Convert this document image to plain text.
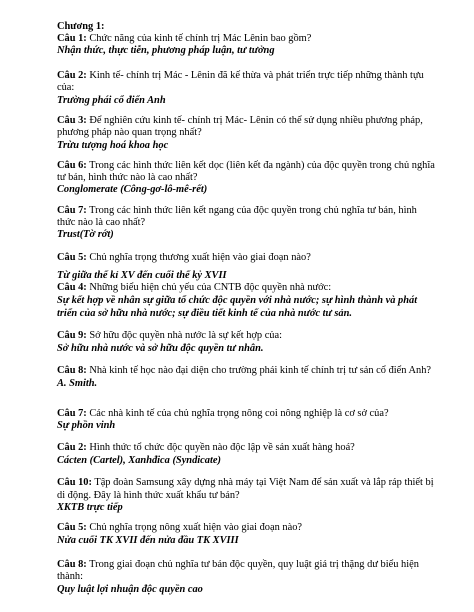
Chương 1:

Câu 1: Chức năng của kinh tế chính trị Mác Lênin bao gồm?

Nhận thức, thực tiễn, phương pháp luận, tư tưởng

Câu 2: Kinh tế- chính trị Mác - Lênin đã kế thừa và phát triển trực tiếp những thành tựu

của:

Trường phái cổ điển Anh

Câu 3: Để nghiên cứu kinh tế- chính trị Mác- Lênin có thể sử dụng nhiều phương pháp,

phương pháp nào quan trọng nhất?

Trừu tượng hoá khoa học

Câu 6: Trong các hình thức liên kết dọc (liên kết đa ngành) của độc quyền trong chủ nghĩa

tư bản, hình thức nào là cao nhất?

Conglomerate (Công-gơ-lô-mê-rết)

Câu 7: Trong các hình thức liên kết ngang của độc quyền trong chủ nghĩa tư bản, hình

thức nào là cao nhất?

Trust(Tờ rớt)

Câu 5: Chủ nghĩa trọng thương xuất hiện vào giai đoạn nào?

Từ giữa thế kỉ XV đến cuối thế kỷ XVII

Câu 4: Những biểu hiện chủ yếu của CNTB độc quyền nhà nước:

Sự kết hợp về nhân sự giữa tổ chức độc quyền với nhà nước; sự hình thành và phát

triển của sở hữu nhà nước; sự điều tiết kinh tế của nhà nước tư sản.

Câu 9: Sở hữu độc quyền nhà nước là sự kết hợp của:

Sở hữu nhà nước và sở hữu độc quyền tư nhân.

Câu 8: Nhà kinh tế học nào đại diện cho trường phái kinh tế chính trị tư sản cổ điển Anh?

A. Smith.

Câu 7: Các nhà kinh tế của chủ nghĩa trọng nông coi nông nghiệp là cơ sở của?

Sự phồn vinh

Câu 2: Hình thức tổ chức độc quyền nào độc lập về sản xuất hàng hoá?

Cácten (Cartel), Xanhđica (Syndicate)

Câu 10: Tập đoàn Samsung xây dựng nhà máy tại Việt Nam để sản xuất và lắp ráp thiết bị

di động. Đây là hình thức xuất khẩu tư bản?

XKTB trực tiếp

Câu 5: Chủ nghĩa trọng nông xuất hiện vào giai đoạn nào?

Nửa cuối TK XVII đến nửa đầu TK XVIII

Câu 8: Trong giai đoạn chủ nghĩa tư bản độc quyền, quy luật giá trị thặng dư biểu hiện

thành:

Quy luật lợi nhuận độc quyền cao
